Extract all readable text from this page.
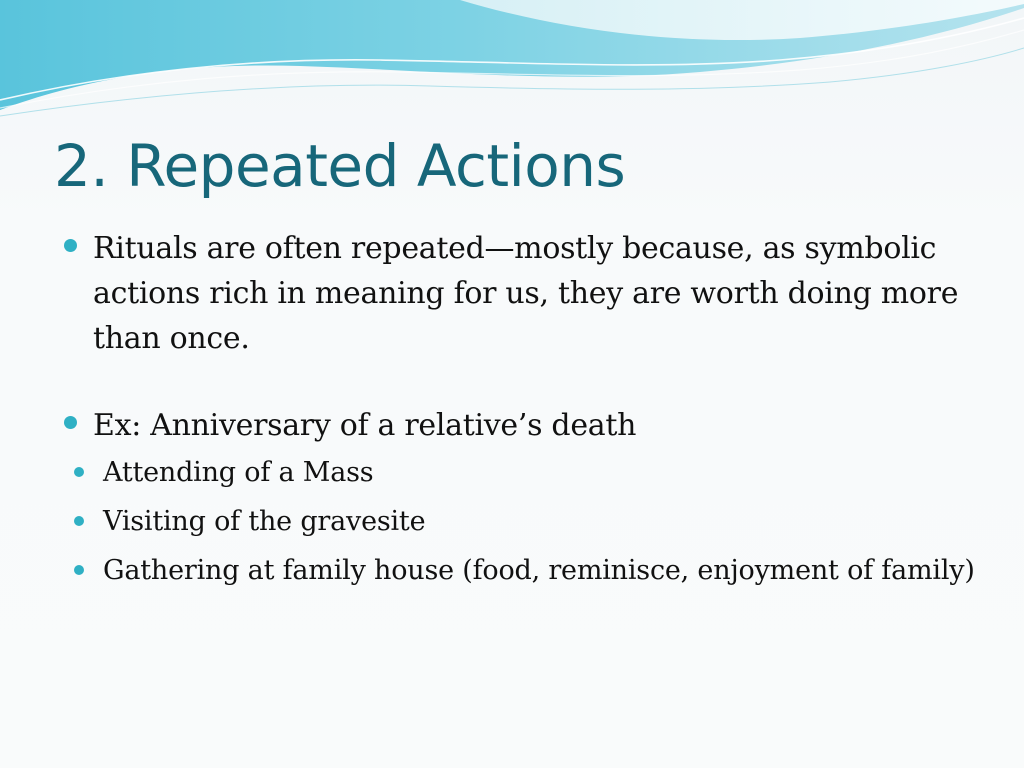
2. Repeated Actions
Rituals are often repeated—mostly because, as symbolic actions rich in meaning for us, they are worth doing more than once.
Ex: Anniversary of a relative’s death
Attending of a Mass
Visiting of the gravesite
Gathering at family house (food, reminisce, enjoyment of family)
